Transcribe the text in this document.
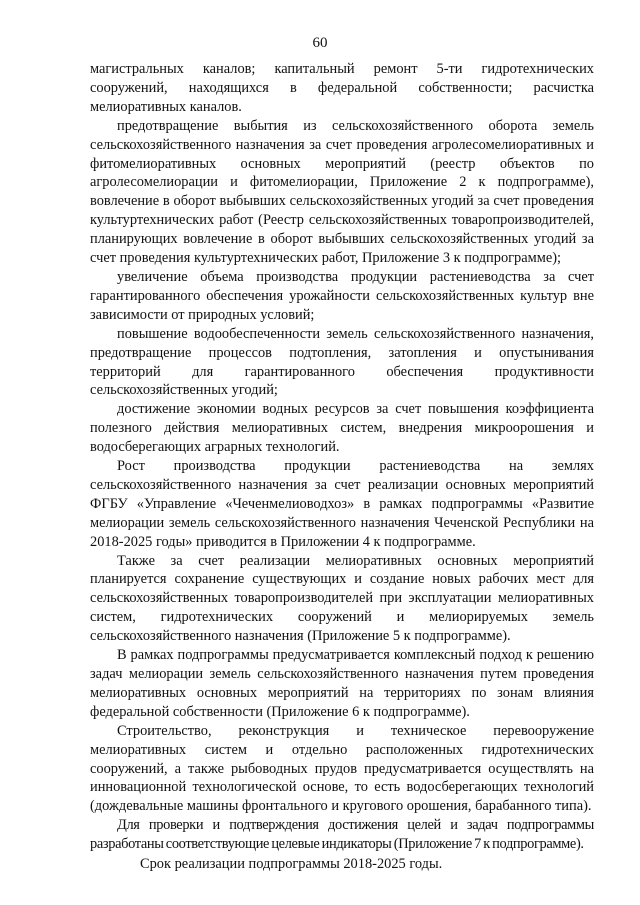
60

магистральных каналов; капитальный ремонт 5-ти гидротехнических сооружений, находящихся в федеральной собственности; расчистка мелиоративных каналов.

предотвращение выбытия из сельскохозяйственного оборота земель сельскохозяйственного назначения за счет проведения агролесомелиоративных и фитомелиоративных основных мероприятий (реестр объектов по агролесомелиорации и фитомелиорации, Приложение 2 к подпрограмме), вовлечение в оборот выбывших сельскохозяйственных угодий за счет проведения культуртехнических работ (Реестр сельскохозяйственных товаропроизводителей, планирующих вовлечение в оборот выбывших сельскохозяйственных угодий за счет проведения культуртехнических работ, Приложение 3 к подпрограмме);

увеличение объема производства продукции растениеводства за счет гарантированного обеспечения урожайности сельскохозяйственных культур вне зависимости от природных условий;

повышение водообеспеченности земель сельскохозяйственного назначения, предотвращение процессов подтопления, затопления и опустынивания территорий для гарантированного обеспечения продуктивности сельскохозяйственных угодий;

достижение экономии водных ресурсов за счет повышения коэффициента полезного действия мелиоративных систем, внедрения микроорошения и водосберегающих аграрных технологий.

Рост производства продукции растениеводства на землях сельскохозяйственного назначения за счет реализации основных мероприятий ФГБУ «Управление «Чеченмелиоводхоз» в рамках подпрограммы «Развитие мелиорации земель сельскохозяйственного назначения Чеченской Республики на 2018-2025 годы» приводится в Приложении 4 к подпрограмме.

Также за счет реализации мелиоративных основных мероприятий планируется сохранение существующих и создание новых рабочих мест для сельскохозяйственных товаропроизводителей при эксплуатации мелиоративных систем, гидротехнических сооружений и мелиорируемых земель сельскохозяйственного назначения (Приложение 5 к подпрограмме).

В рамках подпрограммы предусматривается комплексный подход к решению задач мелиорации земель сельскохозяйственного назначения путем проведения мелиоративных основных мероприятий на территориях по зонам влияния федеральной собственности (Приложение 6 к подпрограмме).

Строительство, реконструкция и техническое перевооружение мелиоративных систем и отдельно расположенных гидротехнических сооружений, а также рыбоводных прудов предусматривается осуществлять на инновационной технологической основе, то есть водосберегающих технологий (дождевальные машины фронтального и кругового орошения, барабанного типа).

Для проверки и подтверждения достижения целей и задач подпрограммы разработаны соответствующие целевые индикаторы (Приложение 7 к подпрограмме).

Срок реализации подпрограммы 2018-2025 годы.
